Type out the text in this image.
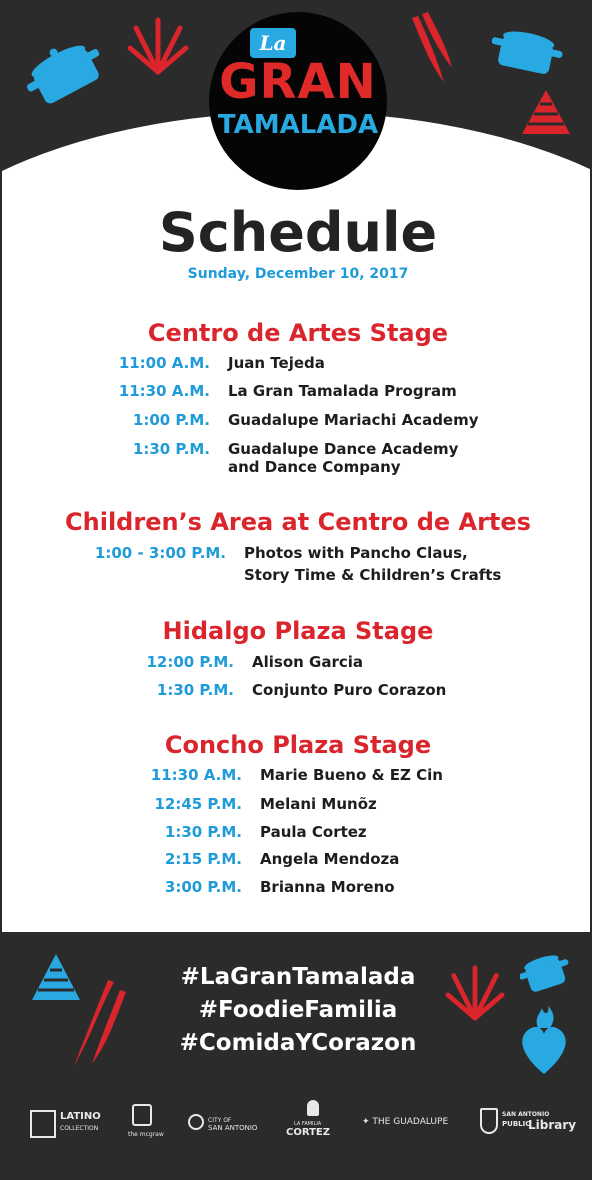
La
GRAN
TAMALADA
Schedule
Sunday, December 10, 2017
Centro de Artes Stage
11:00 A.M. Juan Tejeda
11:30 A.M. La Gran Tamalada Program
1:00 P.M. Guadalupe Mariachi Academy
1:30 P.M. Guadalupe Dance Academy
and Dance Company
Children’s Area at Centro de Artes
1:00 - 3:00 P.M. Photos with Pancho Claus,
Story Time & Children’s Crafts
Hidalgo Plaza Stage
12:00 P.M. Alison Garcia
1:30 P.M. Conjunto Puro Corazon
Concho Plaza Stage
11:30 A.M. Marie Bueno & EZ Cin
12:45 P.M. Melani Munõz
1:30 P.M. Paula Cortez
2:15 P.M. Angela Mendoza
3:00 P.M. Brianna Moreno
#LaGranTamalada
#FoodieFamilia
#ComidaYCorazon
LATINO
COLLECTION
the mcgraw
CITY OF
SAN ANTONIO	LA FAMILIA
CORTEZ
✦ THE GUADALUPE
SAN ANTONIO
PUBLIC
Library
